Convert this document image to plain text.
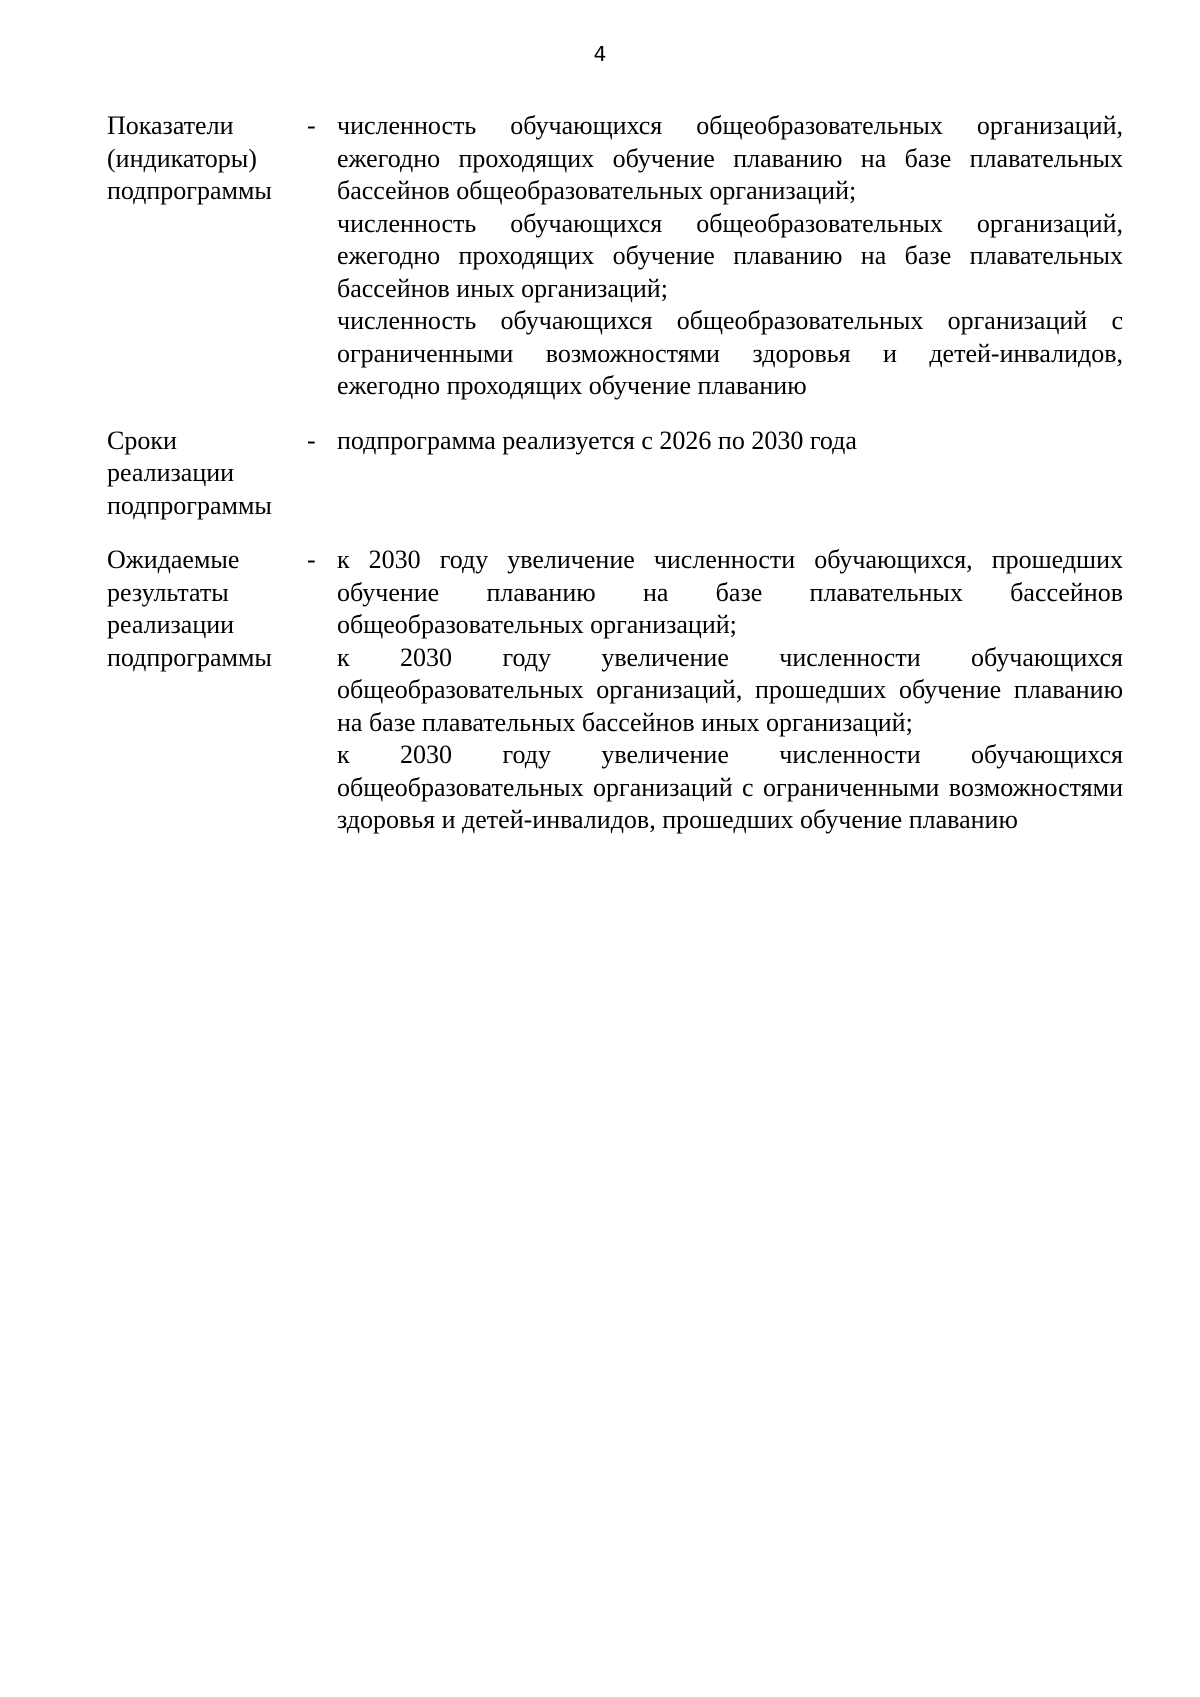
4
Показатели
(индикаторы)
подпрограммы
- численность обучающихся общеобразовательных организаций, ежегодно проходящих обучение плаванию на базе плавательных бассейнов общеобразовательных организаций;

численность обучающихся общеобразовательных организаций, ежегодно проходящих обучение плаванию на базе плавательных бассейнов иных организаций;

численность обучающихся общеобразовательных организаций с ограниченными возможностями здоровья и детей-инвалидов, ежегодно проходящих обучение плаванию

Сроки
реализации
подпрограммы
- подпрограмма реализуется с 2026 по 2030 года

Ожидаемые
результаты
реализации
подпрограммы
- к 2030 году увеличение численности обучающихся, прошедших обучение плаванию на базе плавательных бассейнов общеобразовательных организаций;

к 2030 году увеличение численности обучающихся общеобразовательных организаций, прошедших обучение плаванию на базе плавательных бассейнов иных организаций;

к 2030 году увеличение численности обучающихся общеобразовательных организаций с ограниченными возможностями здоровья и детей-инвалидов, прошедших обучение плаванию
